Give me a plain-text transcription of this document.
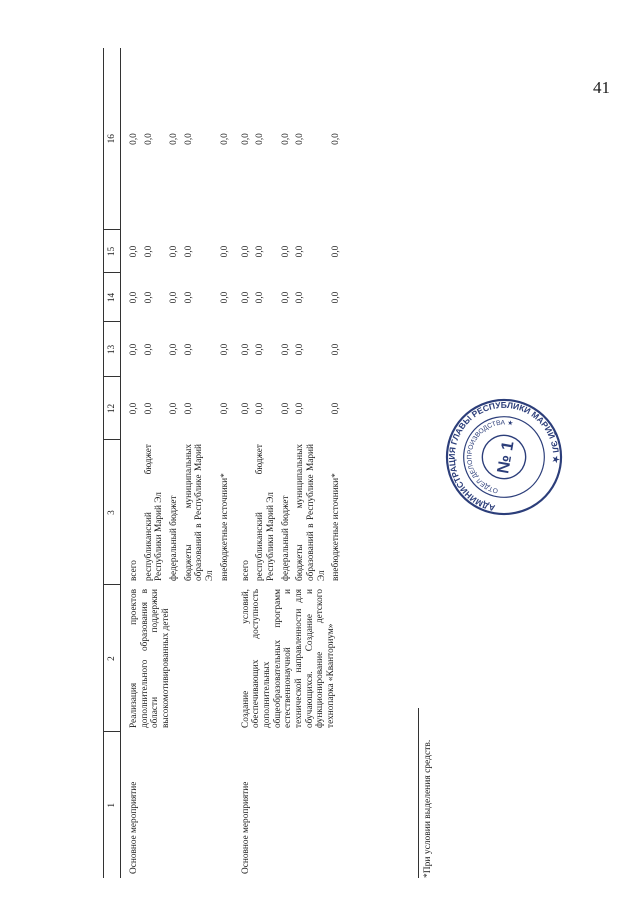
41
1	2	3	12	13	14	15	16

Основное мероприятие	Реализация проектов дополнительного образования в области поддержки высокомотивированных детей	всего	0,0	0,0	0,0	0,0	0,0
		республиканский бюджет Республики Марий Эл	0,0	0,0	0,0	0,0	0,0
		федеральный бюджет	0,0	0,0	0,0	0,0	0,0
		бюджеты муниципальных образований в Республике Марий Эл	0,0	0,0	0,0	0,0	0,0
		внебюджетные источники*	0,0	0,0	0,0	0,0	0,0

Основное мероприятие	Создание условий, обеспечивающих доступность дополнительных общеобразовательных программ естественнонаучной и технической направленности для обучающихся. Создание и функционирование детского технопарка «Кванториум»	всего	0,0	0,0	0,0	0,0	0,0
		республиканский бюджет Республики Марий Эл	0,0	0,0	0,0	0,0	0,0
		федеральный бюджет	0,0	0,0	0,0	0,0	0,0
		бюджеты муниципальных образований в Республике Марий Эл	0,0	0,0	0,0	0,0	0,0
		внебюджетные источники*	0,0	0,0	0,0	0,0	0,0
*При условии выделения средств.
АДМИНИСТРАЦИЯ ГЛАВЫ РЕСПУБЛИКИ МАРИЙ ЭЛ ★
ОТДЕЛ ДЕЛОПРОИЗВОДСТВА ★
№ 1
